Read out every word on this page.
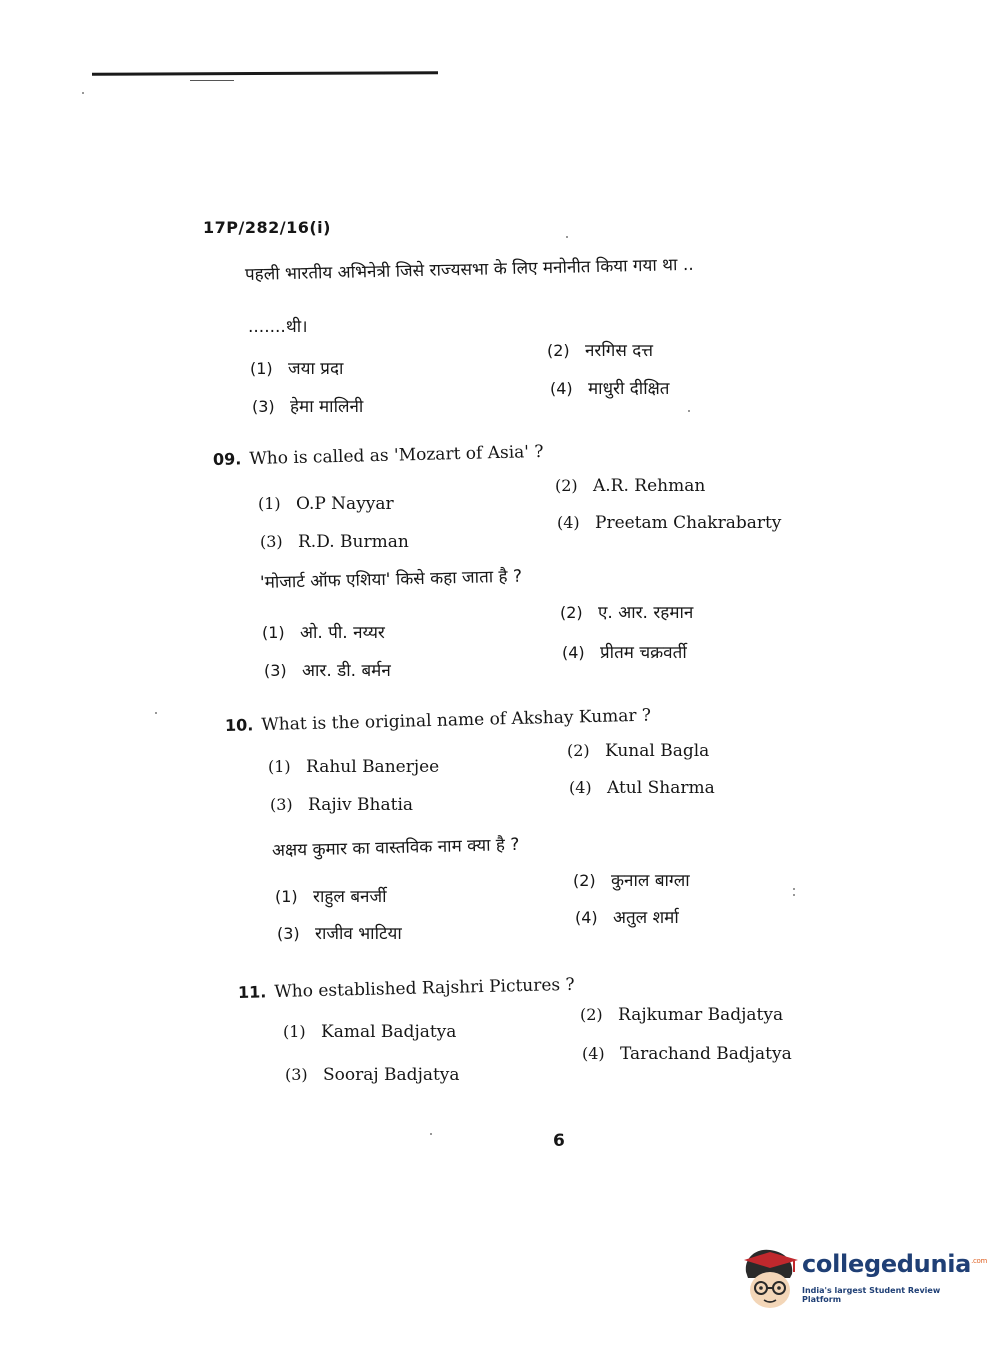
17P/282/16(i)
पहली भारतीय अभिनेत्री जिसे राज्यसभा के लिए मनोनीत किया गया था ..
.......थी।
(1) जया प्रदा
(2) नरगिस दत्त
(3) हेमा मालिनी
(4) माधुरी दीक्षित
09. Who is called as 'Mozart of Asia' ?
(1) O.P Nayyar
(2) A.R. Rehman
(3) R.D. Burman
(4) Preetam Chakrabarty
'मोजार्ट ऑफ एशिया' किसे कहा जाता है ?
(1) ओ. पी. नय्यर
(2) ए. आर. रहमान
(3) आर. डी. बर्मन
(4) प्रीतम चक्रवर्ती
10. What is the original name of Akshay Kumar ?
(1) Rahul Banerjee
(2) Kunal Bagla
(3) Rajiv Bhatia
(4) Atul Sharma
अक्षय कुमार का वास्तविक नाम क्या है ?
(1) राहुल बनर्जी
(2) कुनाल बाग्ला
(3) राजीव भाटिया
(4) अतुल शर्मा
11. Who established Rajshri Pictures ?
(1) Kamal Badjatya
(2) Rajkumar Badjatya
(3) Sooraj Badjatya
(4) Tarachand Badjatya
6
collegedunia$^{.com}$
India's largest Student Review Platform
